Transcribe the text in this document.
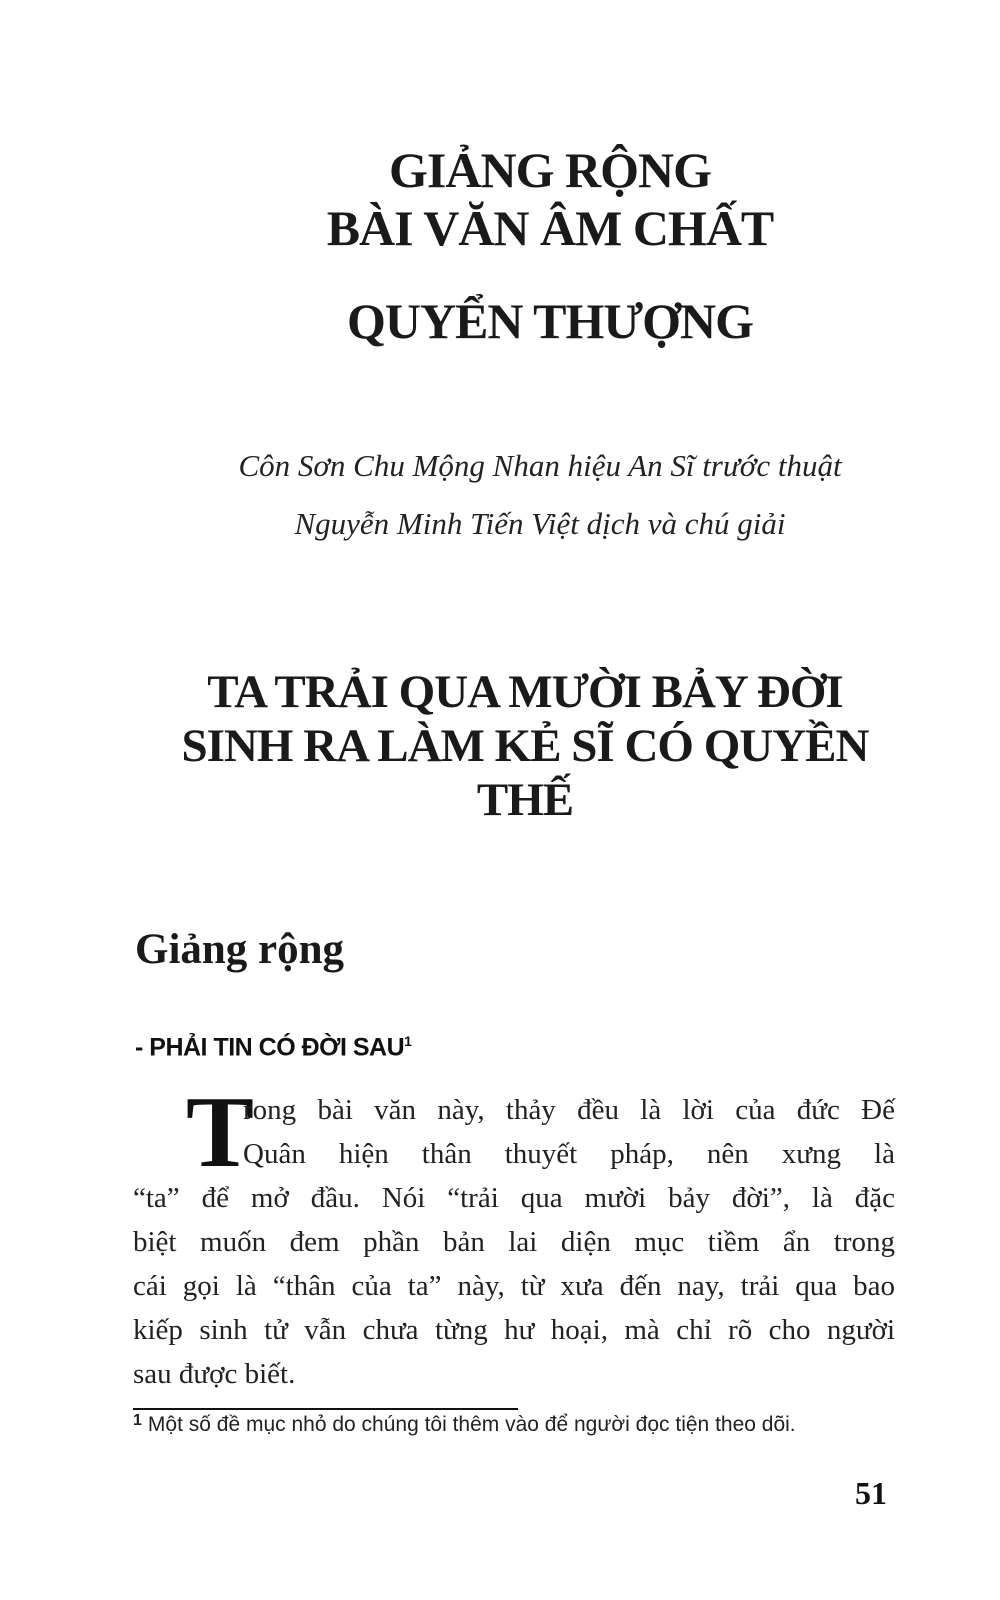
GIẢNG RỘNG
BÀI VĂN ÂM CHẤT
QUYỂN THƯỢNG
Côn Sơn Chu Mộng Nhan hiệu An Sĩ trước thuật
Nguyễn Minh Tiến Việt dịch và chú giải
TA TRẢI QUA MƯỜI BẢY ĐỜI
SINH RA LÀM KẺ SĨ CÓ QUYỀN
THẾ
Giảng rộng
- PHẢI TIN CÓ ĐỜI SAU$^1$
T
rong bài văn này, thảy đều là lời của đức Đế
Quân hiện thân thuyết pháp, nên xưng là
“ta” để mở đầu. Nói “trải qua mười bảy đời”, là đặc
biệt muốn đem phần bản lai diện mục tiềm ẩn trong
cái gọi là “thân của ta” này, từ xưa đến nay, trải qua bao
kiếp sinh tử vẫn chưa từng hư hoại, mà chỉ rõ cho người
sau được biết.
$^1$ Một số đề mục nhỏ do chúng tôi thêm vào để người đọc tiện theo dõi.
51
